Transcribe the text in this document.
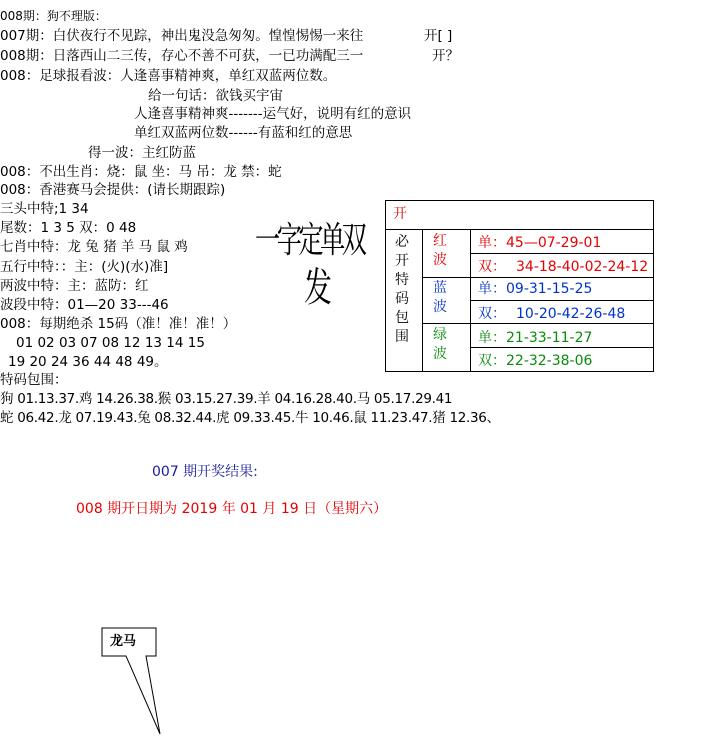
008期：狗不理版：
007期：白伏夜行不见踪，神出鬼没急匆匆。惶惶惕惕一来往	开[ ]
008期：日落西山二三传，存心不善不可获，一已功满配三一	开？
008：足球报看波：人逢喜事精神爽，单红双蓝两位数。
给一句话：欲钱买宇宙
人逢喜事精神爽-------运气好，说明有红的意识
单红双蓝两位数------有蓝和红的意思
得一波：主红防蓝
008：不出生肖：烧：鼠 坐：马 吊：龙 禁：蛇
008：香港赛马会提供：(请长期跟踪)
三头中特;1 34
尾数：1 3 5 双：0 48
七肖中特：龙 兔 猪 羊 马 鼠 鸡
五行中特：：主：(火)(水)准]
两波中特：主：蓝防：红
波段中特：01—20 33---46
008：每期绝杀 15码（准！准！准！）
01 02 03 07 08 12 13 14 15
19 20 24 36 44 48 49。
特码包围：
狗 01.13.37.鸡 14.26.38.猴 03.15.27.39.羊 04.16.28.40.马 05.17.29.41
蛇 06.42.龙 07.19.43.兔 08.32.44.虎 09.33.45.牛 10.46.鼠 11.23.47.猪 12.36、
一字定单双
发
开
必
开
特
码
包
围
红
波
蓝
波
绿
波
单：45—07-29-01
双： 34-18-40-02-24-12
单：09-31-15-25
双： 10-20-42-26-48
单：21-33-11-27
双：22-32-38-06
007 期开奖结果:
008 期开日期为 2019 年 01 月 19 日（星期六）
龙马
